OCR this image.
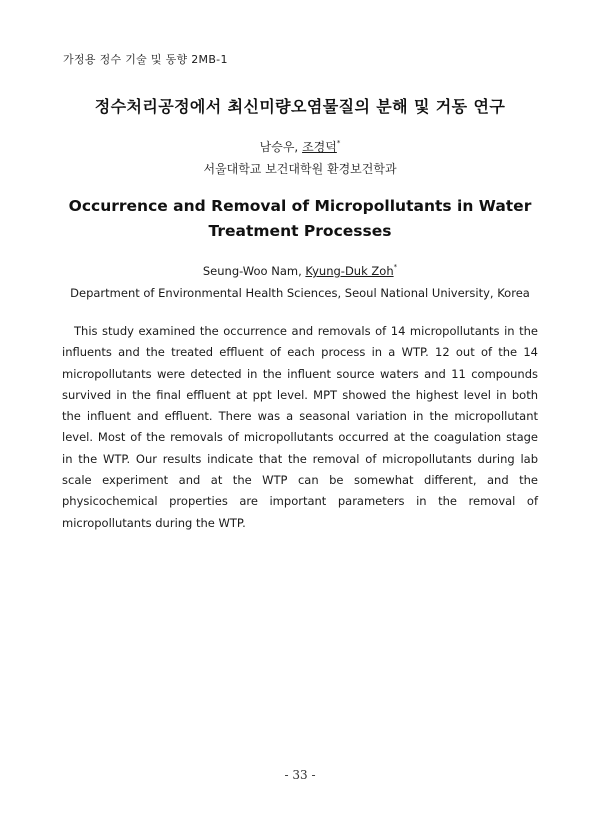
가정용 정수 기술 및 동향 2MB-1
정수처리공정에서 최신미량오염물질의 분해 및 거동 연구
남승우, 조경덕*
서울대학교 보건대학원 환경보건학과
Occurrence and Removal of Micropollutants in Water Treatment Processes
Seung-Woo Nam, Kyung-Duk Zoh*
Department of Environmental Health Sciences, Seoul National University, Korea
This study examined the occurrence and removals of 14 micropollutants in the influents and the treated effluent of each process in a WTP. 12 out of the 14 micropollutants were detected in the influent source waters and 11 compounds survived in the final effluent at ppt level. MPT showed the highest level in both the influent and effluent. There was a seasonal variation in the micropollutant level. Most of the removals of micropollutants occurred at the coagulation stage in the WTP. Our results indicate that the removal of micropollutants during lab scale experiment and at the WTP can be somewhat different, and the physicochemical properties are important parameters in the removal of micropollutants during the WTP.
- 33 -
